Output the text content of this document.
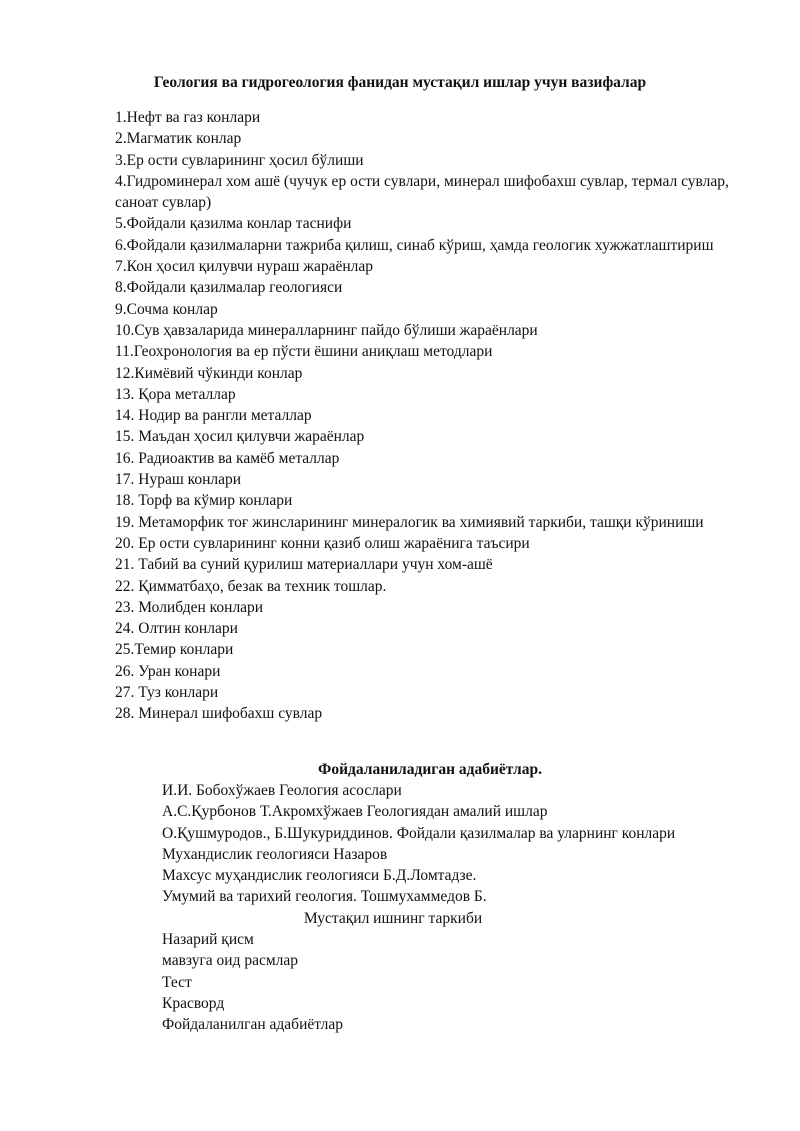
Геология ва гидрогеология фанидан мустақил ишлар учун вазифалар
1.Нефт ва газ конлари
2.Магматик конлар
3.Ер ости сувларининг ҳосил бўлиши
4.Гидроминерал хом ашё (чучук ер ости сувлари, минерал шифобахш сувлар, термал сувлар, саноат сувлар)
5.Фойдали қазилма конлар таснифи
6.Фойдали қазилмаларни тажриба қилиш, синаб кўриш, ҳамда геологик хужжатлаштириш
7.Кон ҳосил қилувчи нураш жараёнлар
8.Фойдали қазилмалар геологияси
9.Сочма конлар
10.Сув ҳавзаларида минералларнинг пайдо бўлиши жараёнлари
11.Геохронология ва ер пўсти ёшини аниқлаш методлари
12.Кимёвий чўкинди конлар
13. Қора металлар
14. Нодир ва рангли металлар
15. Маъдан ҳосил қилувчи жараёнлар
16. Радиоактив ва камёб металлар
17. Нураш конлари
18. Торф ва кўмир конлари
19. Метаморфик тоғ жинсларининг минералогик ва химиявий таркиби, ташқи кўриниши
20. Ер ости сувларининг конни қазиб олиш жараёнига таъсири
21. Табий ва суний қурилиш материаллари учун хом-ашё
22. Қимматбаҳо, безак ва техник тошлар.
23. Молибден конлари
24. Олтин конлари
25.Темир конлари
26. Уран конари
27. Туз конлари
28. Минерал шифобахш сувлар
Фойдаланиладиган адабиётлар.
И.И. Бобохўжаев Геология асослари
А.С.Қурбонов Т.Акромхўжаев Геологиядан амалий ишлар
О.Қушмуродов., Б.Шукуриддинов. Фойдали қазилмалар ва уларнинг конлари
Мухандислик геологияси Назаров
Махсус муҳандислик геологияси Б.Д.Ломтадзе.
Умумий ва тарихий геология. Тошмухаммедов Б.
Мустақил ишнинг таркиби
Назарий қисм
мавзуга оид расмлар
Тест
Красворд
Фойдаланилган адабиётлар
